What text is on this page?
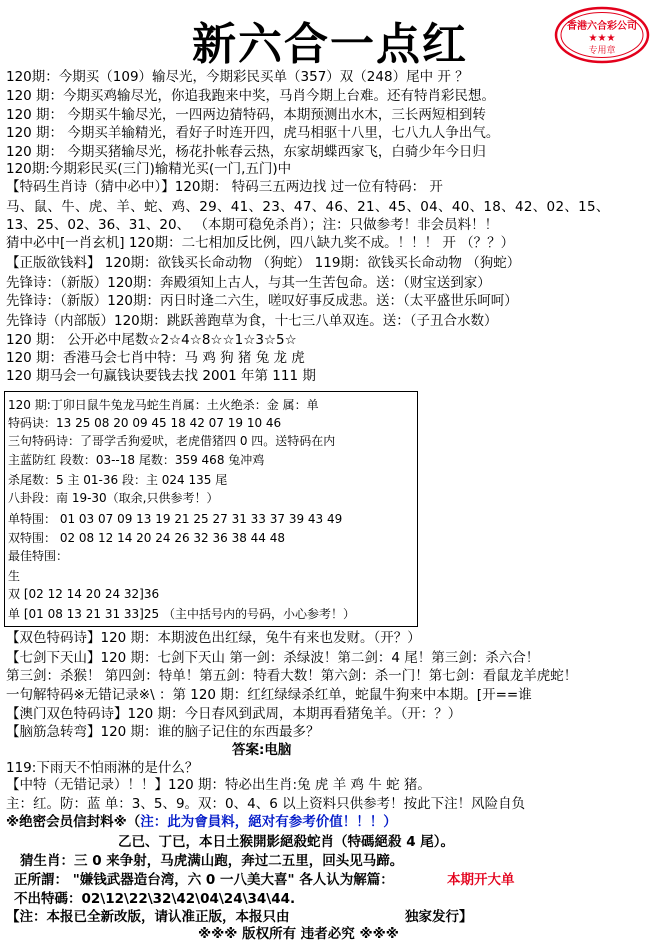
新六合一点红	香港六合彩公司
★★★
专用章
120期：今期买（109）输尽光，今期彩民买单（357）双（248）尾中 开 ？
120 期：今期买鸡输尽光，你追我跑来中奖，马肖今期上台难。还有特肖彩民想。
120 期： 今期买牛输尽光，一四两边猜特码，本期预测出水木，三长两短相到转
120 期： 今期买羊输精光，看好子时连开四，虎马相驱十八里，七八九人争出气。
120 期： 今期买猪输尽光，杨花扑帐春云热，东家胡蝶西家飞，白骑少年今日归
120期:今期彩民买(三门)输精光买(一门,五门)中
【特码生肖诗（猜中必中）】120期： 特码三五两边找 过一位有特码： 开
马、鼠、牛、虎、羊、蛇、鸡、29、41、23、47、46、21、45、04、40、18、42、02、15、
13、25、02、36、31、20、 （本期可稳免杀肖）；注：只做参考！非会员料！！
猜中必中[一肖玄机] 120期：二七相加反比例，四八缺九奖不成。！！！ 开 （？？）
【正版欲钱料】 120期：欲钱买长命动物 （狗蛇） 119期：欲钱买长命动物 （狗蛇）
先锋诗：（新版）120期：奔殿須知上古人，与其一生苦包命。送：（财宝送到家）
先锋诗：（新版）120期：丙日时逢二六生，嗟叹好事反成悲。送：（太平盛世乐呵呵）
先锋诗（内部版）120期：跳跃善跑草为食，十七三八单双连。送：（子丑合水数）
120 期： 公开必中尾数☆2☆4☆8☆☆1☆3☆5☆
120 期：香港马会七肖中特：马 鸡 狗 猪 兔 龙 虎
120 期马会一句赢钱诀要钱去找 2001 年第 111 期
120 期:丁卯日鼠牛兔龙马蛇生肖属：土火绝杀：金 属：单
特码诀：13 25 08 20 09 45 18 42 07 19 10 46
三句特码诗：了哥学舌狗爱吠，老虎借猪四 0 四。送特码在内
主蓝防红 段数：03--18 尾数：359 468 兔冲鸡
杀尾数：5 主 01-36 段：主 024 135 尾
八卦段：南 19-30（取余,只供参考！）
单特围： 01 03 07 09 13 19 21 25 27 31 33 37 39 43 49
双特围： 02 08 12 14 20 24 26 32 36 38 44 48
最佳特围：
生
双 [02 12 14 20 24 32]36
单 [01 08 13 21 31 33]25 （主中括号内的号码，小心参考！）
【双色特码诗】120 期：本期波色出红绿，兔牛有来也发财。（开？）
【七剑下天山】120 期：七剑下天山 第一剑：杀绿波！第二剑：4 尾！第三剑：杀六合！
第三剑：杀猴！ 第四剑：特单！第五剑：特看大数！第六剑：杀一门！第七剑：看鼠龙羊虎蛇！
一句解特码※无错记录※\ ：第 120 期：红红绿绿杀红单，蛇鼠牛狗来中本期。[开==谁
【澳门双色特码诗】120 期：今日春风到武周，本期再看猪兔羊。（开：？）
【脑筋急转弯】120 期：谁的脑子记住的东西最多？
答案:电脑
119:下雨天不怕雨淋的是什么？
【中特（无错记录）！！】120 期：特必出生肖:兔 虎 羊 鸡 牛 蛇 猪。
主：红。防：蓝 单：3、5、9。双：0、4、6 以上资料只供参考！按此下注！风险自负
※绝密会员信封料※（注：此为會員料，絕对有参考价值！！！）
乙已、丁已，本日土猴開影絕殺蛇肖（特碼絕殺 4 尾）。
猜生肖：三 0 来争射，马虎满山跑，奔过二五里，回头见马蹄。
正所謂： "嫌钱武器造台湾，六 0 一八美大喜" 各人认为解篇：	本期开大单
不出特碼：02\12\22\32\42\04\24\34\44.
【注：本报已全新改版，请认准正版，本报只由	独家发行】
※※※ 版权所有 违者必究 ※※※
